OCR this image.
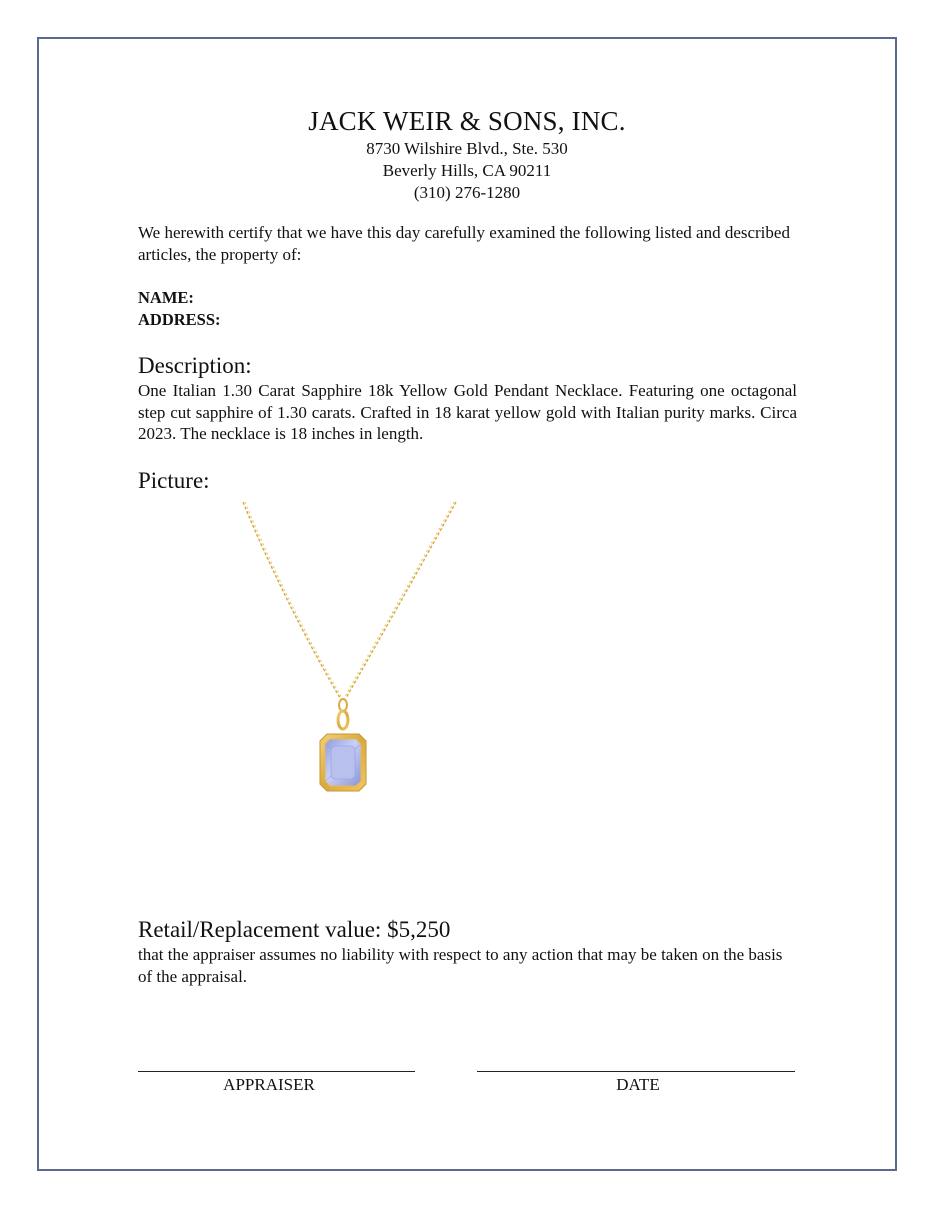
JACK WEIR & SONS, INC.
8730 Wilshire Blvd., Ste. 530
Beverly Hills, CA 90211
(310) 276-1280
We herewith certify that we have this day carefully examined the following listed and described articles, the property of:
NAME:
ADDRESS:
Description:
One Italian 1.30 Carat Sapphire 18k Yellow Gold Pendant Necklace. Featuring one octagonal step cut sapphire of 1.30 carats. Crafted in 18 karat yellow gold with Italian purity marks. Circa 2023. The necklace is 18 inches in length.
Picture:
Retail/Replacement value: $5,250
that the appraiser assumes no liability with respect to any action that may be taken on the basis of the appraisal.
APPRAISER	DATE
